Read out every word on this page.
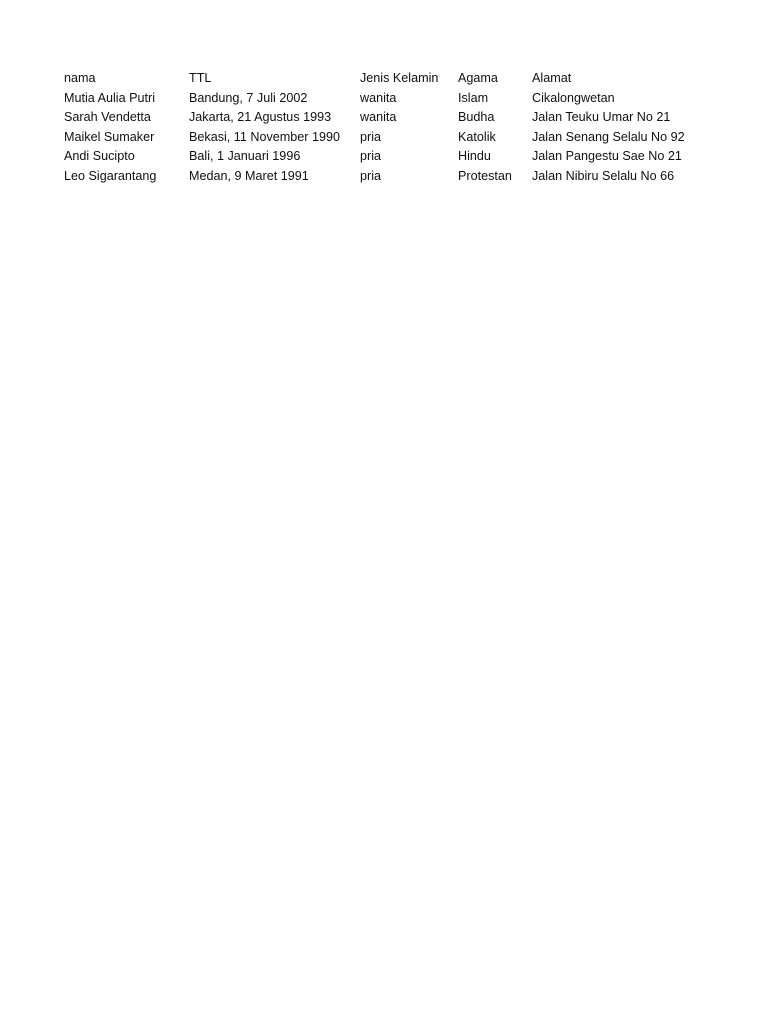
nama	TTL	Jenis Kelamin	Agama	Alamat
Mutia Aulia Putri	Bandung, 7 Juli 2002	wanita	Islam	Cikalongwetan
Sarah Vendetta	Jakarta, 21 Agustus 1993	wanita	Budha	Jalan Teuku Umar No 21
Maikel Sumaker	Bekasi, 11 November 1990	pria	Katolik	Jalan Senang Selalu No 92
Andi Sucipto	Bali, 1 Januari 1996	pria	Hindu	Jalan Pangestu Sae No 21
Leo Sigarantang	Medan, 9 Maret 1991	pria	Protestan	Jalan Nibiru Selalu No 66
